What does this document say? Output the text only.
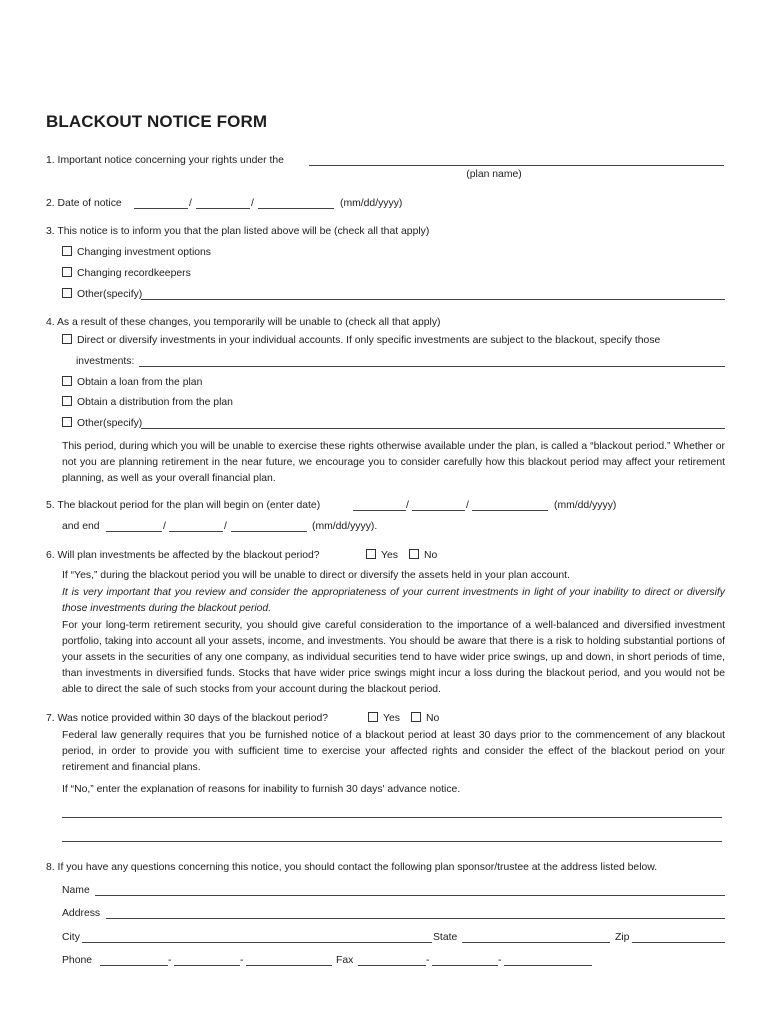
BLACKOUT NOTICE FORM
1. Important notice concerning your rights under the
(plan name)
2. Date of notice	/	/	(mm/dd/yyyy)
3. This notice is to inform you that the plan listed above will be (check all that apply)
Changing investment options
Changing recordkeepers
Other(specify)
4. As a result of these changes, you temporarily will be unable to (check all that apply)
Direct or diversify investments in your individual accounts. If only specific investments are subject to the blackout, specify those
investments:
Obtain a loan from the plan
Obtain a distribution from the plan
Other(specify)
This period, during which you will be unable to exercise these rights otherwise available under the plan, is called a “blackout period.” Whether or not you are planning retirement in the near future, we encourage you to consider carefully how this blackout period may affect your retirement planning, as well as your overall financial plan.
5. The blackout period for the plan will begin on (enter date)	/	/	(mm/dd/yyyy)
and end	/	/	(mm/dd/yyyy).
6. Will plan investments be affected by the blackout period?	Yes	No
If “Yes,” during the blackout period you will be unable to direct or diversify the assets held in your plan account.
It is very important that you review and consider the appropriateness of your current investments in light of your inability to direct or diversify those investments during the blackout period.
For your long-term retirement security, you should give careful consideration to the importance of a well-balanced and diversified investment portfolio, taking into account all your assets, income, and investments. You should be aware that there is a risk to holding substantial portions of your assets in the securities of any one company, as individual securities tend to have wider price swings, up and down, in short periods of time, than investments in diversified funds. Stocks that have wider price swings might incur a loss during the blackout period, and you would not be able to direct the sale of such stocks from your account during the blackout period.
7. Was notice provided within 30 days of the blackout period?	Yes	No
Federal law generally requires that you be furnished notice of a blackout period at least 30 days prior to the commencement of any blackout period, in order to provide you with sufficient time to exercise your affected rights and consider the effect of the blackout period on your retirement and financial plans.
If “No,” enter the explanation of reasons for inability to furnish 30 days' advance notice.
8. If you have any questions concerning this notice, you should contact the following plan sponsor/trustee at the address listed below.
Name
Address
City	State	Zip
Phone	-	-	Fax	-	-
